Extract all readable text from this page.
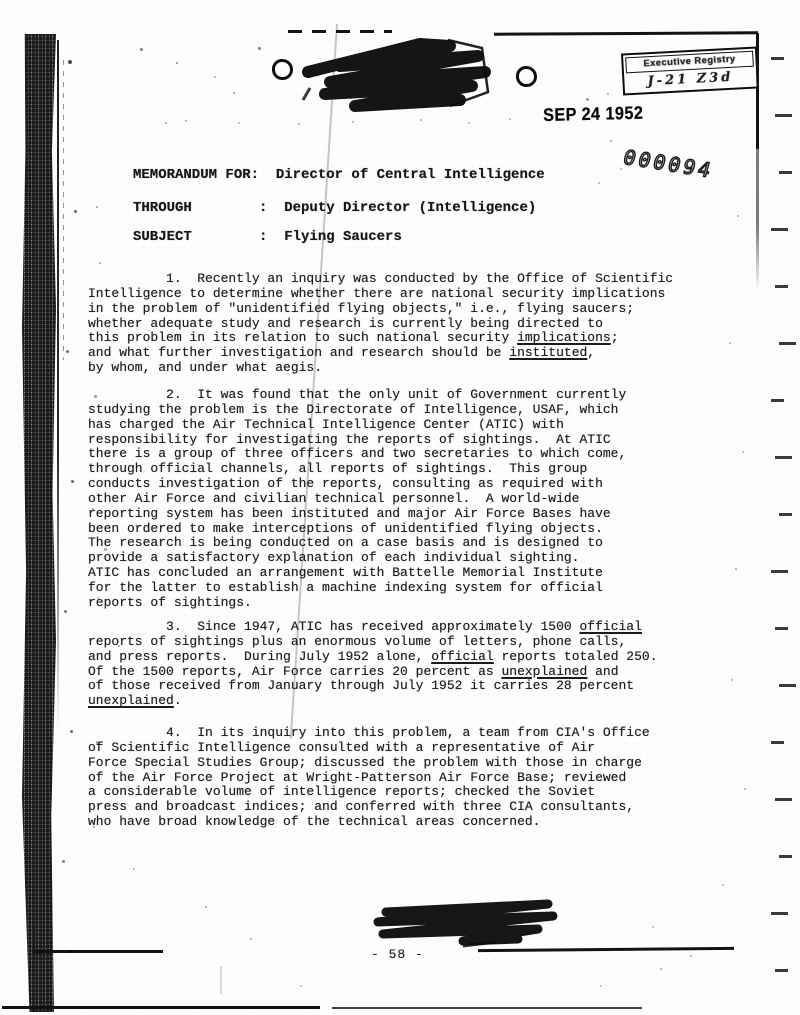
Executive Registry
J-21 Z3d
SEP 24 1952
000094
MEMORANDUM FOR:  Director of Central Intelligence
THROUGH        :  Deputy Director (Intelligence)
SUBJECT        :  Flying Saucers
1.  Recently an inquiry was conducted by the Office of Scientific
Intelligence to determine whether there are national security implications
in the problem of "unidentified flying objects," i.e., flying saucers;
whether adequate study and research is currently being directed to
this problem in its relation to such national security implications;
and what further investigation and research should be instituted,
by whom, and under what aegis.
2.  It was found that the only unit of Government currently
studying the problem is the Directorate of Intelligence, USAF, which
has charged the Air Technical Intelligence Center (ATIC) with
responsibility for investigating the reports of sightings.  At ATIC
there is a group of three officers and two secretaries to which come,
through official channels, all reports of sightings.  This group
conducts investigation of the reports, consulting as required with
other Air Force and civilian technical personnel.  A world-wide
reporting system has been instituted and major Air Force Bases have
been ordered to make interceptions of unidentified flying objects.
The research is being conducted on a case basis and is designed to
provide a satisfactory explanation of each individual sighting.
ATIC has concluded an arrangement with Battelle Memorial Institute
for the latter to establish a machine indexing system for official
reports of sightings.
3.  Since 1947, ATIC has received approximately 1500 official
reports of sightings plus an enormous volume of letters, phone calls,
and press reports.  During July 1952 alone, official reports totaled 250.
Of the 1500 reports, Air Force carries 20 percent as unexplained and
of those received from January through July 1952 it carries 28 percent
unexplained.
4.  In its inquiry into this problem, a team from CIA's Office
of Scientific Intelligence consulted with a representative of Air
Force Special Studies Group; discussed the problem with those in charge
of the Air Force Project at Wright-Patterson Air Force Base; reviewed
a considerable volume of intelligence reports; checked the Soviet
press and broadcast indices; and conferred with three CIA consultants,
who have broad knowledge of the technical areas concerned.
- 58 -
